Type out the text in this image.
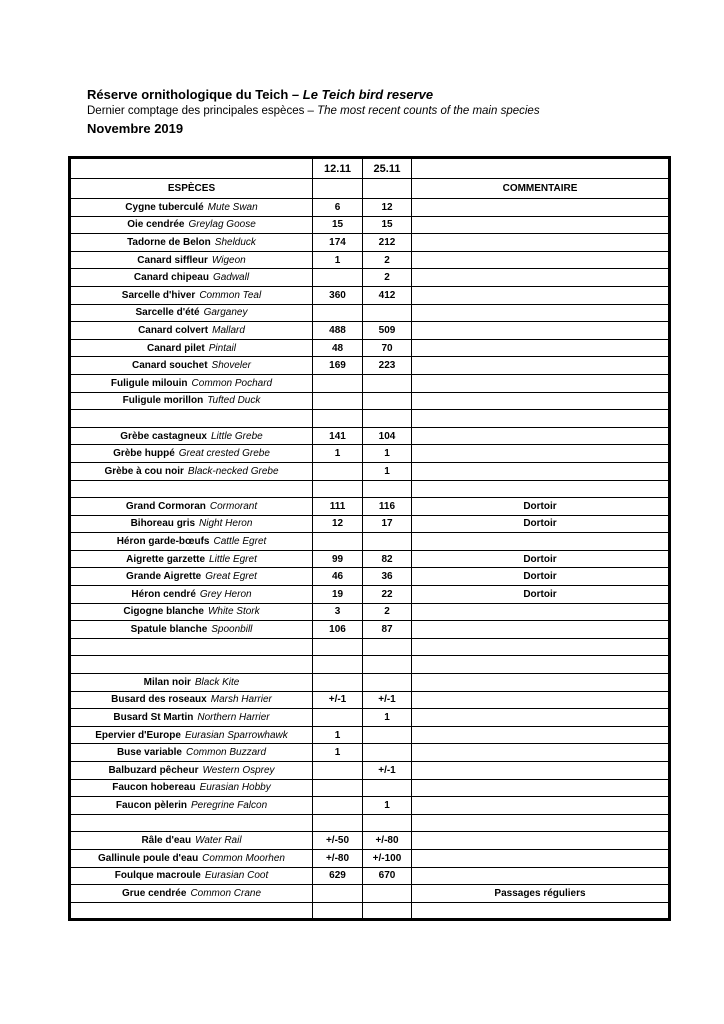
Réserve ornithologique du Teich – Le Teich bird reserve
Dernier comptage des principales espèces – The most recent counts of the main species
Novembre 2019
	12.11	25.11	
ESPÈCES			COMMENTAIRE
Cygne tuberculé Mute Swan	6	12	
Oie cendrée Greylag Goose	15	15	
Tadorne de Belon Shelduck	174	212	
Canard siffleur Wigeon	1	2	
Canard chipeau Gadwall		2	
Sarcelle d'hiver Common Teal	360	412	
Sarcelle d'été Garganey			
Canard colvert Mallard	488	509	
Canard pilet Pintail	48	70	
Canard souchet Shoveler	169	223	
Fuligule milouin Common Pochard			
Fuligule morillon Tufted Duck			

Grèbe castagneux Little Grebe	141	104	
Grèbe huppé Great crested Grebe	1	1	
Grèbe à cou noir Black-necked Grebe		1	

Grand Cormoran Cormorant	111	116	Dortoir
Bihoreau gris Night Heron	12	17	Dortoir
Héron garde-bœufs Cattle Egret			
Aigrette garzette Little Egret	99	82	Dortoir
Grande Aigrette Great Egret	46	36	Dortoir
Héron cendré Grey Heron	19	22	Dortoir
Cigogne blanche White Stork	3	2	
Spatule blanche Spoonbill	106	87	

Milan noir Black Kite			
Busard des roseaux Marsh Harrier	+/-1	+/-1	
Busard St Martin Northern Harrier		1	
Epervier d'Europe Eurasian Sparrowhawk	1		
Buse variable Common Buzzard	1		
Balbuzard pêcheur Western Osprey		+/-1	
Faucon hobereau Eurasian Hobby			
Faucon pèlerin Peregrine Falcon		1	

Râle d'eau Water Rail	+/-50	+/-80	
Gallinule poule d'eau Common Moorhen	+/-80	+/-100	
Foulque macroule Eurasian Coot	629	670	
Grue cendrée Common Crane			Passages réguliers
